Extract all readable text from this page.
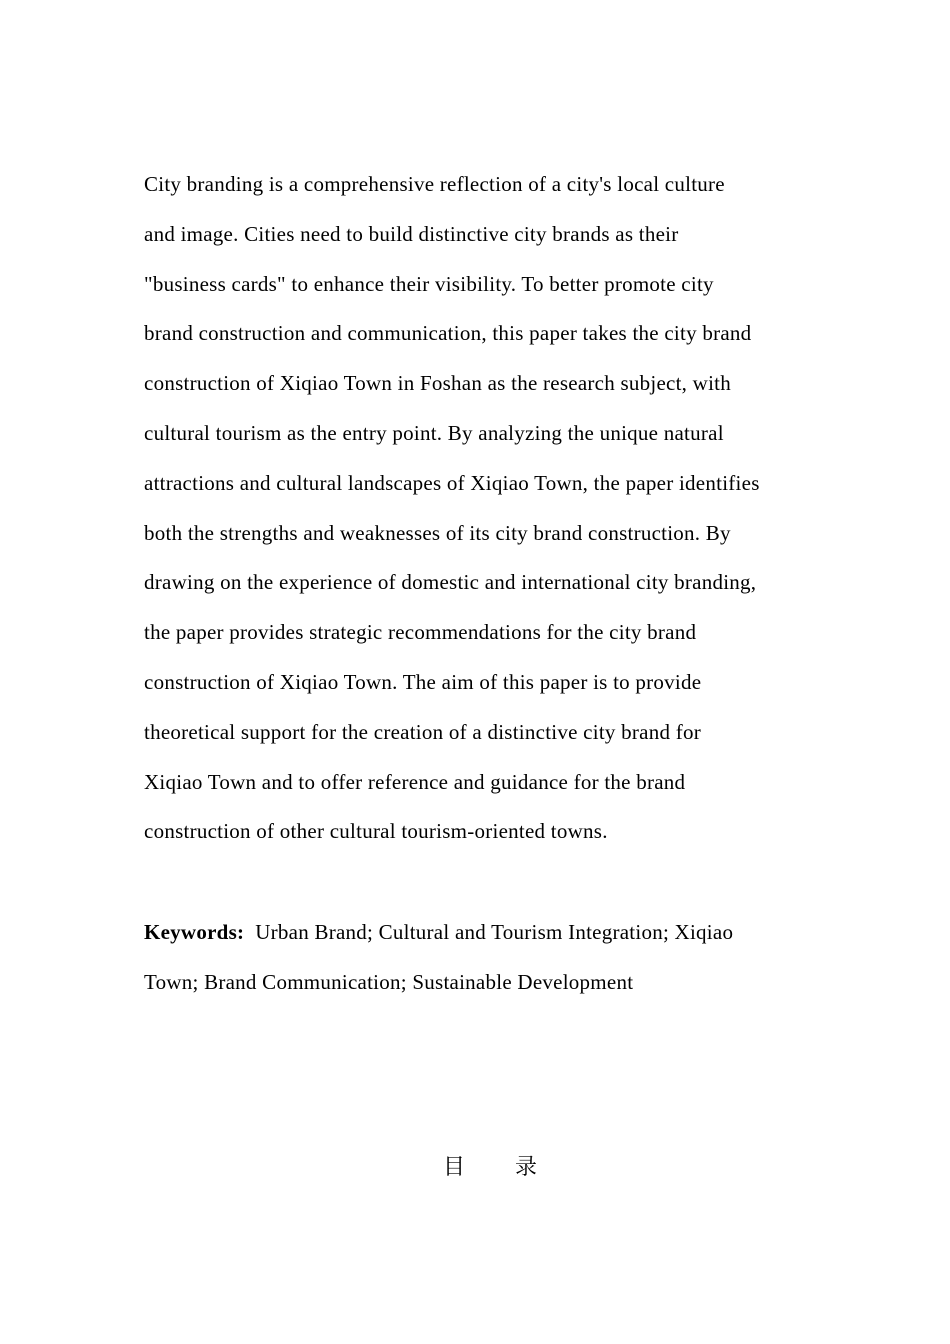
City branding is a comprehensive reflection of a city's local culture
and image. Cities need to build distinctive city brands as their
"business cards" to enhance their visibility. To better promote city
brand construction and communication, this paper takes the city brand
construction of Xiqiao Town in Foshan as the research subject, with
cultural tourism as the entry point. By analyzing the unique natural
attractions and cultural landscapes of Xiqiao Town, the paper identifies
both the strengths and weaknesses of its city brand construction. By
drawing on the experience of domestic and international city branding,
the paper provides strategic recommendations for the city brand
construction of Xiqiao Town. The aim of this paper is to provide
theoretical support for the creation of a distinctive city brand for
Xiqiao Town and to offer reference and guidance for the brand
construction of other cultural tourism-oriented towns.

Keywords: Urban Brand; Cultural and Tourism Integration; Xiqiao
Town; Brand Communication; Sustainable Development

目 录
